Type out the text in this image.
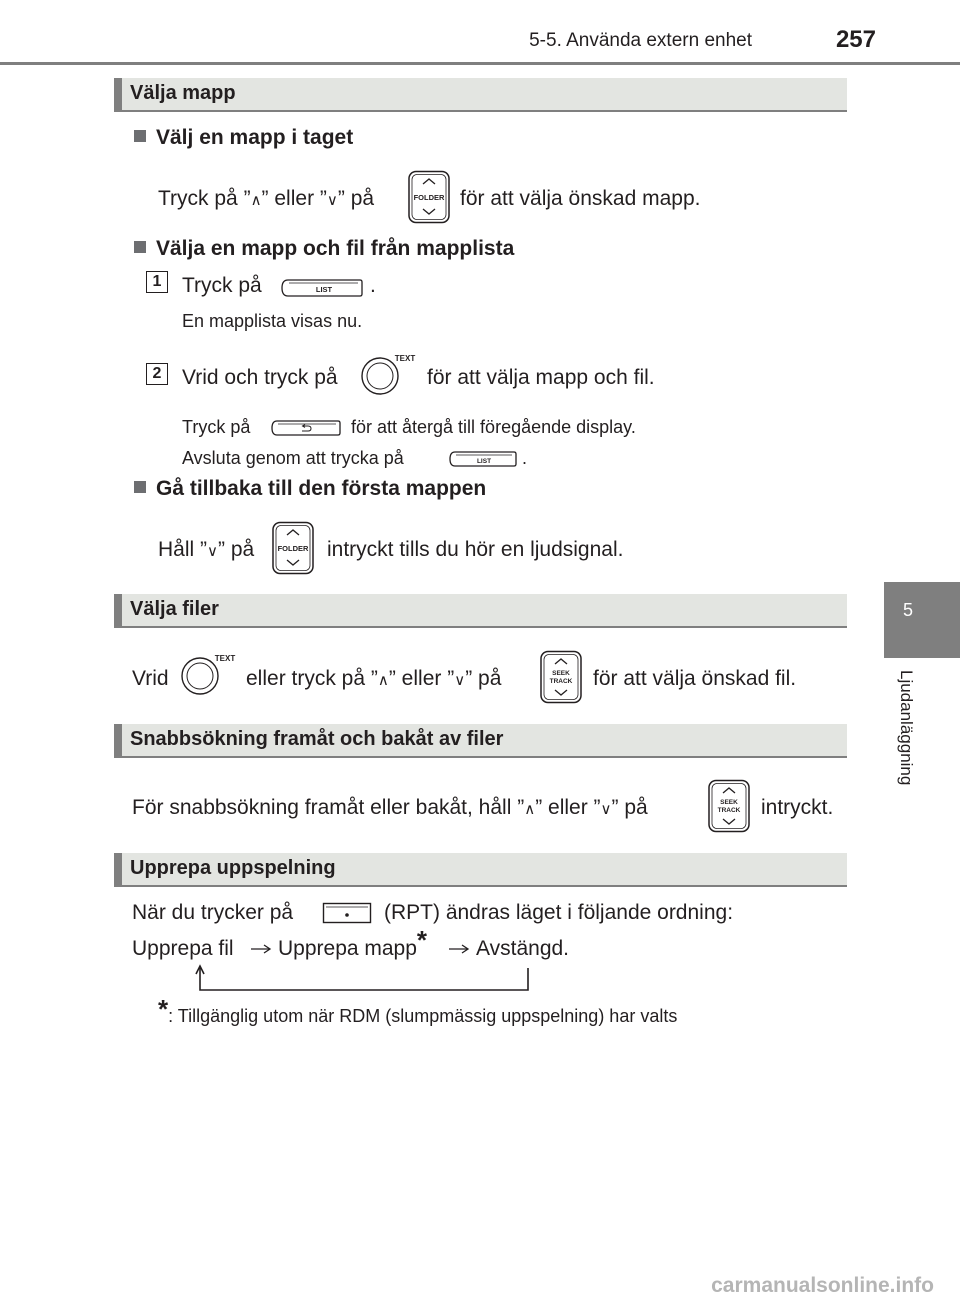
5-5. Använda extern enhet	257
5
Ljudanläggning
Välja mapp
Välj en mapp i taget
Tryck på ”∧” eller ”∨” på	FOLDER för att välja önskad mapp.
Välja en mapp och fil från mapplista
1 Tryck på	LIST .
En mapplista visas nu.
2 Vrid och tryck på
TEXT
för att välja mapp och fil.
Tryck på	för att återgå till föregående display.
Avsluta genom att trycka på	LIST .
Gå tillbaka till den första mappen
Håll ”∨” på	FOLDER intryckt tills du hör en ljudsignal.
Välja filer
Vrid
TEXT
eller tryck på ”∧” eller ”∨” på	SEEK
TRACK för att välja önskad fil.
Snabbsökning framåt och bakåt av filer
För snabbsökning framåt eller bakåt, håll ”∧” eller ”∨” på	SEEK
TRACK intryckt.
Upprepa uppspelning
När du trycker på	(RPT) ändras läget i följande ordning:
Upprepa fil Upprepa mapp* Avstängd.
*: Tillgänglig utom när RDM (slumpmässig uppspelning) har valts
carmanualsonline.info
